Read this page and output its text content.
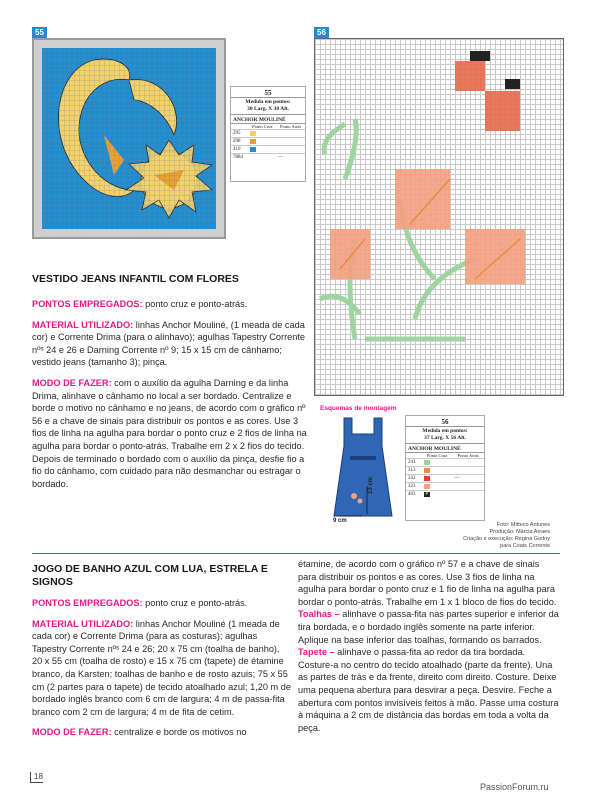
55
55
Medida em pontos:
30 Larg. X 30 Alt.
ANCHOR MOULINÉ
	Ponto Cruz	Ponto Atrás
295		
298		
410		
7884		—
56
56
Medida em pontos:
37 Larg. X 56 Alt.
ANCHOR MOULINÉ
	Ponto Cruz	Ponto Atrás
241		
313		
332		—
323		
403	P	
Esquemas de montagem
13 cm
9 cm
Foto: Mitteco Antunes
Produção: Márcia Arraes
Criação e execução: Regina Godoy
para Coats Corrente
VESTIDO JEANS INFANTIL COM FLORES

PONTOS EMPREGADOS: ponto cruz e ponto-atrás.

MATERIAL UTILIZADO: linhas Anchor Mouliné, (1 meada de cada cor) e Corrente Drima (para o alinhavo); agulhas Tapestry Corrente nºˢ 24 e 26 e Darning Corrente nº 9; 15 x 15 cm de cânhamo; vestido jeans (tamanho 3); pinça.

MODO DE FAZER: com o auxílio da agulha Darning e da linha Drima, alinhave o cânhamo no local a ser bordado. Centralize e borde o motivo no cânhamo e no jeans, de acordo com o gráfico nº 56 e a chave de sinais para distribuir os pontos e as cores. Use 3 fios de linha na agulha para bordar o ponto cruz e 2 fios de linha na agulha para bordar o ponto-atrás. Trabalhe em 2 x 2 fios do tecido. Depois de terminado o bordado com o auxílio da pinça, desfie fio a fio do cânhamo, com cuidado para não desmanchar ou estragar o bordado.

JOGO DE BANHO AZUL COM LUA, ESTRELA E SIGNOS

PONTOS EMPREGADOS: ponto cruz e ponto-atrás.

MATERIAL UTILIZADO: linhas Anchor Mouliné (1 meada de cada cor) e Corrente Drima (para as costuras); agulhas Tapestry Corrente nºˢ 24 e 26; 20 x 75 cm (toalha de banho), 20 x 55 cm (toalha de rosto) e 15 x 75 cm (tapete) de étamine branco, da Karsten; toalhas de banho e de rosto azuis; 75 x 55 cm (2 partes para o tapete) de tecido atoalhado azul; 1,20 m de bordado inglês branco com 6 cm de largura; 4 m de passa-fita branco com 2 cm de largura; 4 m de fita de cetim.

MODO DE FAZER: centralize e borde os motivos no

étamine, de acordo com o gráfico nº 57 e a chave de sinais para distribuir os pontos e as cores. Use 3 fios de linha na agulha para bordar o ponto cruz e 1 fio de linha na agulha para bordar o ponto-atrás. Trabalhe em 1 x 1 bloco de fios do tecido. Toalhas – alinhave o passa-fita nas partes superior e inferior da tira bordada, e o bordado inglês somente na parte inferior. Aplique na base inferior das toalhas, formando os barrados. Tapete – alinhave o passa-fita ao redor da tira bordada. Costure-a no centro do tecido atoalhado (parte da frente). Una as partes de trás e da frente, direito com direito. Costure. Deixe uma pequena abertura para desvirar a peça. Desvire. Feche a abertura com pontos invisíveis feitos à mão. Passe uma costura à máquina a 2 cm de distância das bordas em toda a volta da peça.
18
PassionForum.ru
